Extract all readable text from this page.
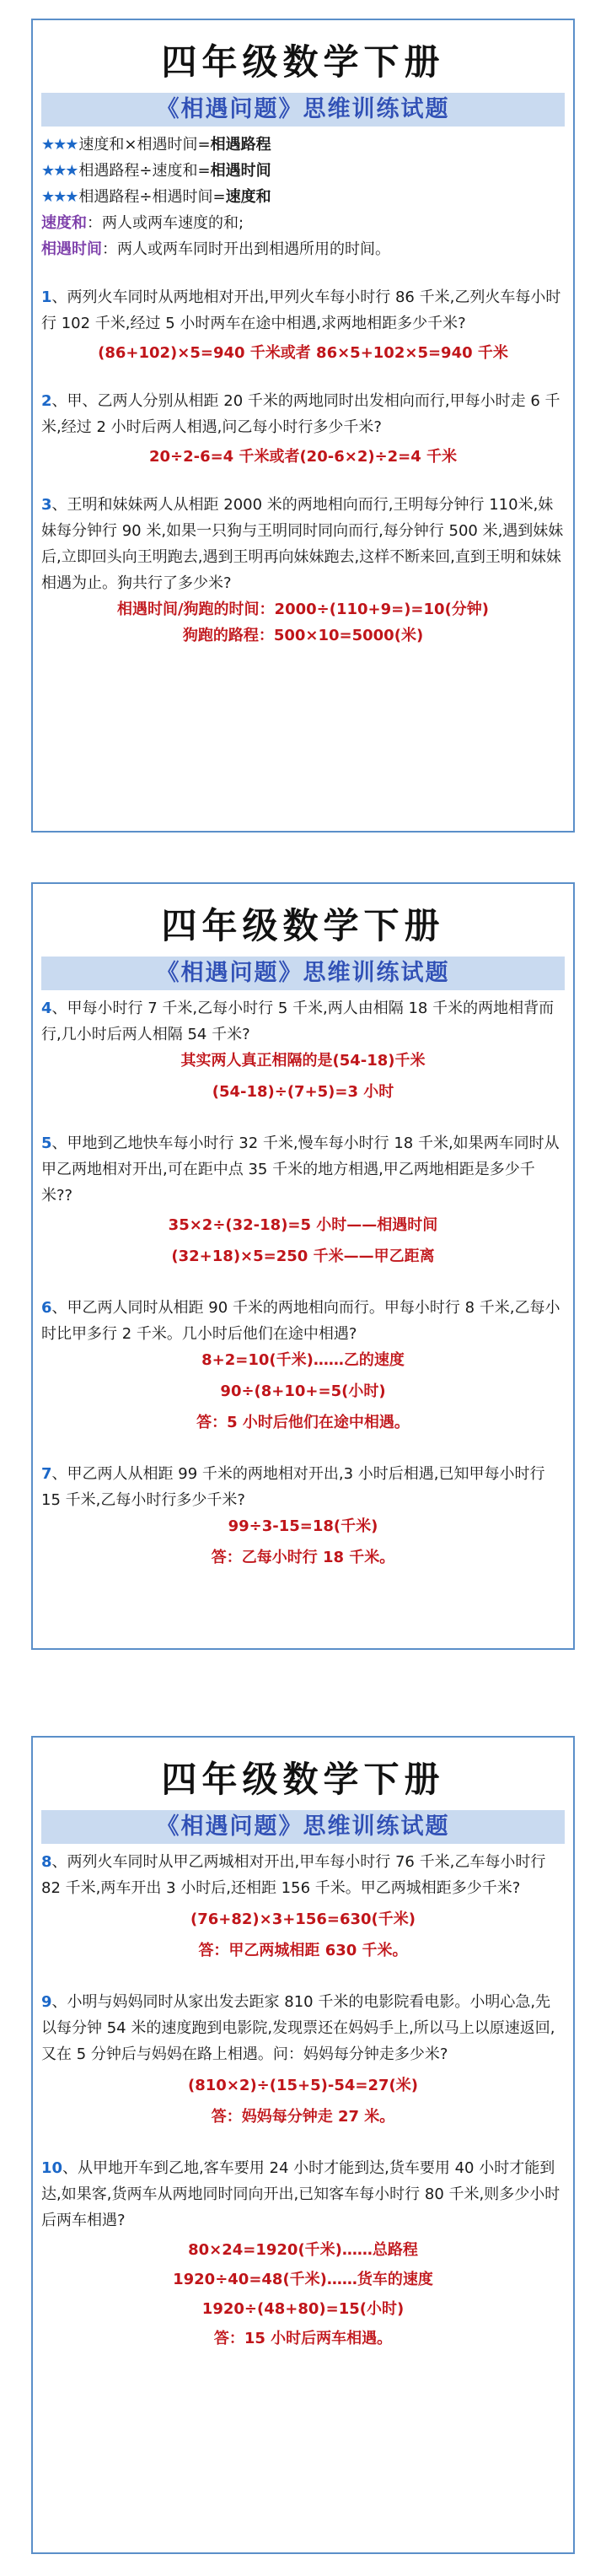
四年级数学下册
《相遇问题》思维训练试题

★★★ 速度和×相遇时间=相遇路程

★★★ 相遇路程÷速度和=相遇时间

★★★ 相遇路程÷相遇时间=速度和

速度和：两人或两车速度的和;

相遇时间：两人或两车同时开出到相遇所用的时间。

1、两列火车同时从两地相对开出,甲列火车每小时行 86 千米,乙列火车每小时行 102 千米,经过 5 小时两车在途中相遇,求两地相距多少千米?

(86+102)×5=940 千米或者 86×5+102×5=940 千米

2、甲、乙两人分别从相距 20 千米的两地同时出发相向而行,甲每小时走 6 千米,经过 2 小时后两人相遇,问乙每小时行多少千米?

20÷2-6=4 千米或者(20-6×2)÷2=4 千米

3、王明和妹妹两人从相距 2000 米的两地相向而行,王明每分钟行 110米,妹妹每分钟行 90 米,如果一只狗与王明同时同向而行,每分钟行 500 米,遇到妹妹后,立即回头向王明跑去,遇到王明再向妹妹跑去,这样不断来回,直到王明和妹妹相遇为止。狗共行了多少米?

相遇时间/狗跑的时间：2000÷(110+9=)=10(分钟)

狗跑的路程：500×10=5000(米)

四年级数学下册
《相遇问题》思维训练试题

4、甲每小时行 7 千米,乙每小时行 5 千米,两人由相隔 18 千米的两地相背而行,几小时后两人相隔 54 千米?

其实两人真正相隔的是(54-18)千米

(54-18)÷(7+5)=3 小时

5、甲地到乙地快车每小时行 32 千米,慢车每小时行 18 千米,如果两车同时从甲乙两地相对开出,可在距中点 35 千米的地方相遇,甲乙两地相距是多少千米??

35×2÷(32-18)=5 小时——相遇时间

(32+18)×5=250 千米——甲乙距离

6、甲乙两人同时从相距 90 千米的两地相向而行。甲每小时行 8 千米,乙每小时比甲多行 2 千米。几小时后他们在途中相遇?

8+2=10(千米)……乙的速度

90÷(8+10+=5(小时)

答：5 小时后他们在途中相遇。

7、甲乙两人从相距 99 千米的两地相对开出,3 小时后相遇,已知甲每小时行 15 千米,乙每小时行多少千米?

99÷3-15=18(千米)

答：乙每小时行 18 千米。

四年级数学下册
《相遇问题》思维训练试题

8、两列火车同时从甲乙两城相对开出,甲车每小时行 76 千米,乙车每小时行 82 千米,两车开出 3 小时后,还相距 156 千米。甲乙两城相距多少千米?

(76+82)×3+156=630(千米)

答：甲乙两城相距 630 千米。

9、小明与妈妈同时从家出发去距家 810 千米的电影院看电影。小明心急,先以每分钟 54 米的速度跑到电影院,发现票还在妈妈手上,所以马上以原速返回,又在 5 分钟后与妈妈在路上相遇。问：妈妈每分钟走多少米?

(810×2)÷(15+5)-54=27(米)

答：妈妈每分钟走 27 米。

10、从甲地开车到乙地,客车要用 24 小时才能到达,货车要用 40 小时才能到达,如果客,货两车从两地同时同向开出,已知客车每小时行 80 千米,则多少小时后两车相遇?

80×24=1920(千米)……总路程

1920÷40=48(千米)……货车的速度

1920÷(48+80)=15(小时)

答：15 小时后两车相遇。
